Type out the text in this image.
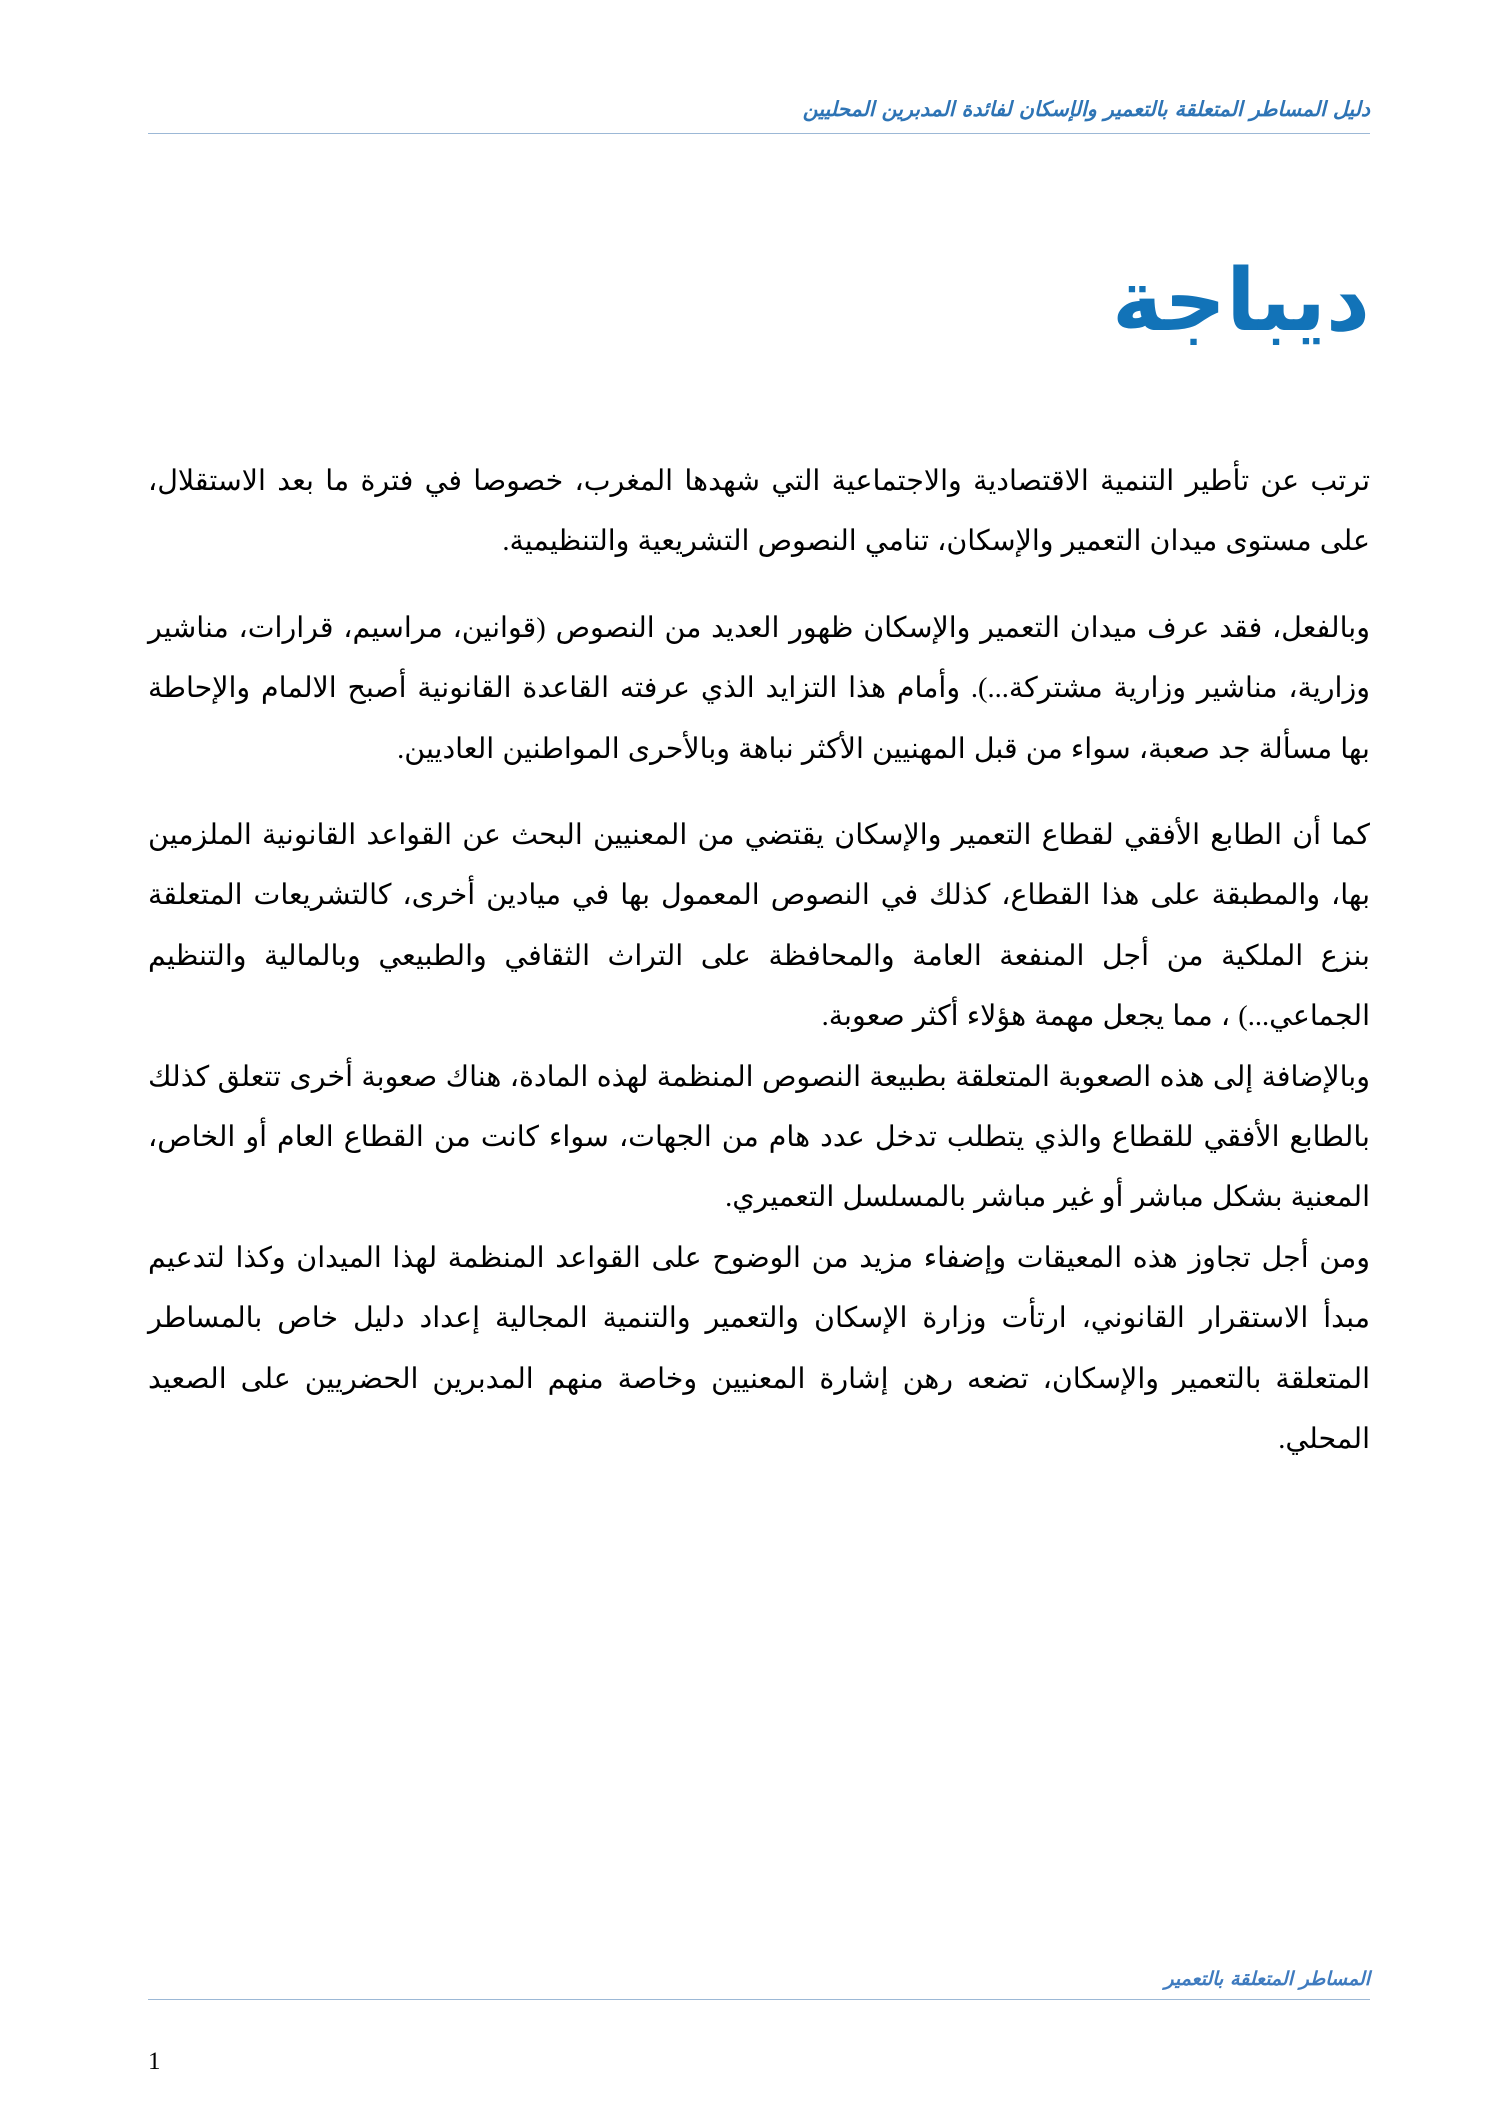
دليل المساطر المتعلقة بالتعمير والإسكان لفائدة المدبرين المحليين
ديباجة

ترتب عن تأطير التنمية الاقتصادية والاجتماعية التي شهدها المغرب، خصوصا في فترة ما بعد الاستقلال، على مستوى ميدان التعمير والإسكان، تنامي النصوص التشريعية والتنظيمية.

وبالفعل، فقد عرف ميدان التعمير والإسكان ظهور العديد من النصوص (قوانين، مراسيم، قرارات، مناشير وزارية، مناشير وزارية مشتركة...). وأمام هذا التزايد الذي عرفته القاعدة القانونية أصبح الالمام والإحاطة بها مسألة جد صعبة، سواء من قبل المهنيين الأكثر نباهة وبالأحرى المواطنين العاديين.

كما أن الطابع الأفقي لقطاع التعمير والإسكان يقتضي من المعنيين البحث عن القواعد القانونية الملزمين بها، والمطبقة على هذا القطاع، كذلك في النصوص المعمول بها في ميادين أخرى، كالتشريعات المتعلقة بنزع الملكية من أجل المنفعة العامة والمحافظة على التراث الثقافي والطبيعي وبالمالية والتنظيم الجماعي...) ، مما يجعل مهمة هؤلاء أكثر صعوبة.

وبالإضافة إلى هذه الصعوبة المتعلقة بطبيعة النصوص المنظمة لهذه المادة، هناك صعوبة أخرى تتعلق كذلك بالطابع الأفقي للقطاع والذي يتطلب تدخل عدد هام من الجهات، سواء كانت من القطاع العام أو الخاص، المعنية بشكل مباشر أو غير مباشر بالمسلسل التعميري.

ومن أجل تجاوز هذه المعيقات وإضفاء مزيد من الوضوح على القواعد المنظمة لهذا الميدان وكذا لتدعيم مبدأ الاستقرار القانوني، ارتأت وزارة الإسكان والتعمير والتنمية المجالية إعداد دليل خاص بالمساطر المتعلقة بالتعمير والإسكان، تضعه رهن إشارة المعنيين وخاصة منهم المدبرين الحضريين على الصعيد المحلي.

المساطر المتعلقة بالتعمير
1
